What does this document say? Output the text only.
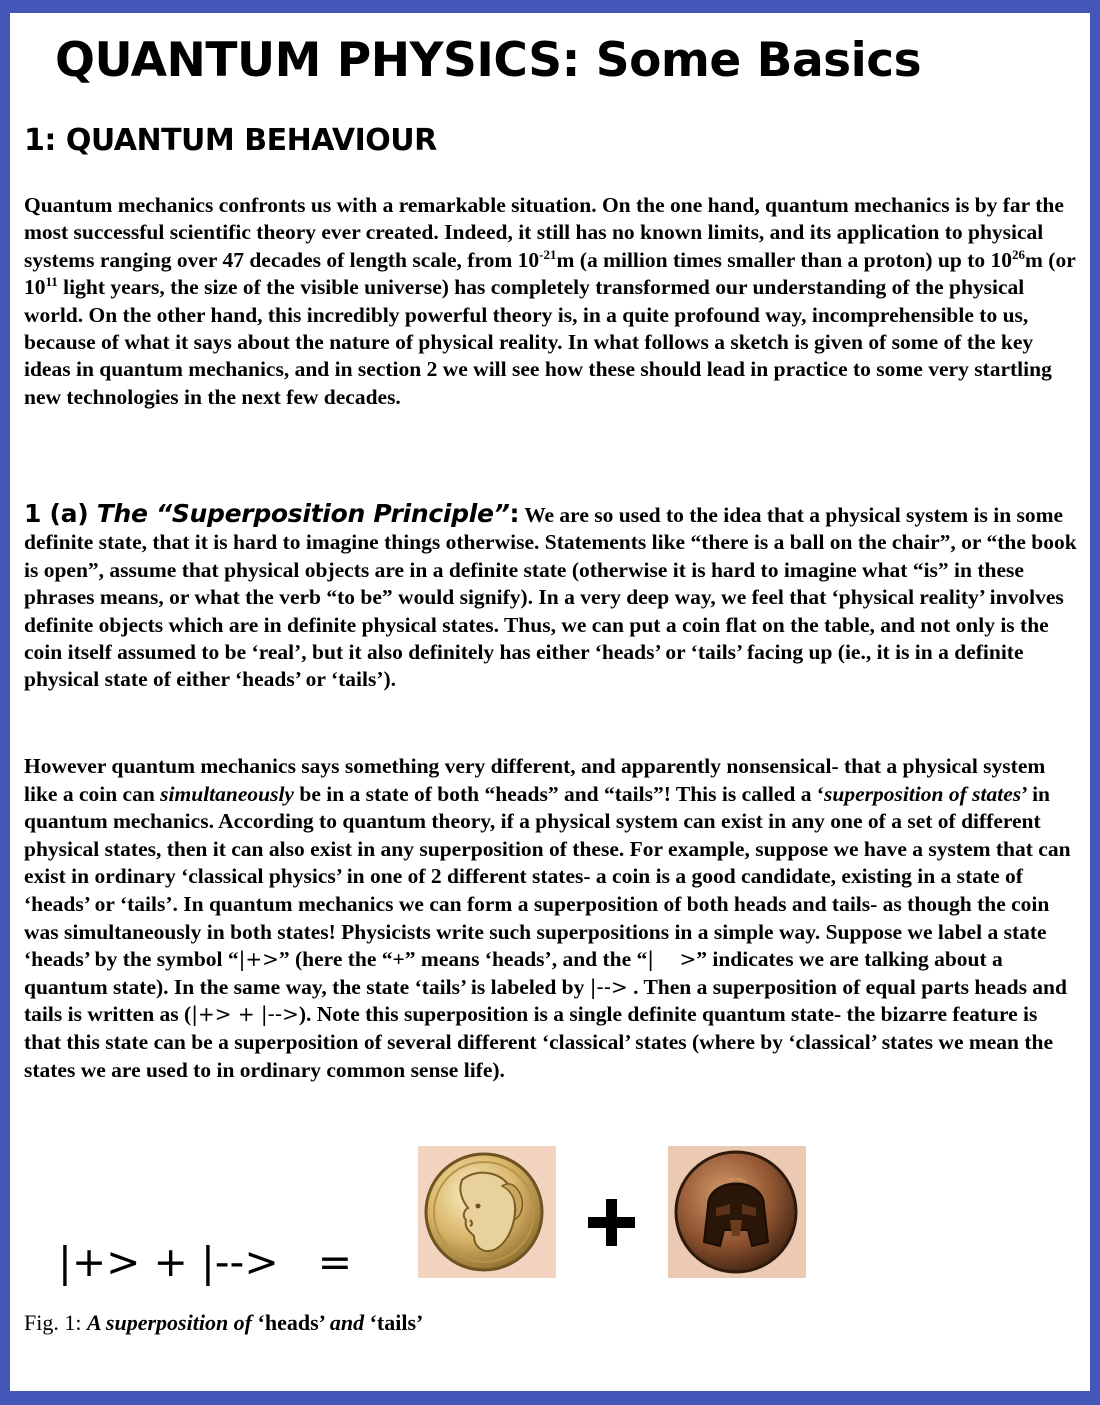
QUANTUM PHYSICS: Some Basics
1: QUANTUM BEHAVIOUR

Quantum mechanics confronts us with a remarkable situation. On the one hand, quantum mechanics is by far the most successful scientific theory ever created. Indeed, it still has no known limits, and its application to physical systems ranging over 47 decades of length scale, from $10^{-21}m$ (a million times smaller than a proton) up to $10^{26}m$ (or $10^{11}$ light years, the size of the visible universe) has completely transformed our understanding of the physical world. On the other hand, this incredibly powerful theory is, in a quite profound way, incomprehensible to us, because of what it says about the nature of physical reality. In what follows a sketch is given of some of the key ideas in quantum mechanics, and in section 2 we will see how these should lead in practice to some very startling new technologies in the next few decades.

1 (a) The “Superposition Principle”: We are so used to the idea that a physical system is in some definite state, that it is hard to imagine things otherwise. Statements like “there is a ball on the chair”, or “the book is open”, assume that physical objects are in a definite state (otherwise it is hard to imagine what “is” in these phrases means, or what the verb “to be” would signify). In a very deep way, we feel that ‘physical reality’ involves definite objects which are in definite physical states. Thus, we can put a coin flat on the table, and not only is the coin itself assumed to be ‘real’, but it also definitely has either ‘heads’ or ‘tails’ facing up (ie., it is in a definite physical state of either ‘heads’ or ‘tails’).

However quantum mechanics says something very different, and apparently nonsensical- that a physical system like a coin can simultaneously be in a state of both “heads” and “tails”! This is called a ‘superposition of states’ in quantum mechanics. According to quantum theory, if a physical system can exist in any one of a set of different physical states, then it can also exist in any superposition of these. For example, suppose we have a system that can exist in ordinary ‘classical physics’ in one of 2 different states- a coin is a good candidate, existing in a state of ‘heads’ or ‘tails’. In quantum mechanics we can form a superposition of both heads and tails- as though the coin was simultaneously in both states! Physicists write such superpositions in a simple way. Suppose we label a state ‘heads’ by the symbol “|+>” (here the “+” means ‘heads’, and the “|    >” indicates we are talking about a quantum state). In the same way, the state ‘tails’ is labeled by |--> . Then a superposition of equal parts heads and tails is written as (|+> + |-->). Note this superposition is a single definite quantum state- the bizarre feature is that this state can be a superposition of several different ‘classical’ states (where by ‘classical’ states we mean the states we are used to in ordinary common sense life).

|+> + |-->   =

Fig. 1: A superposition of ‘heads’ and ‘tails’
